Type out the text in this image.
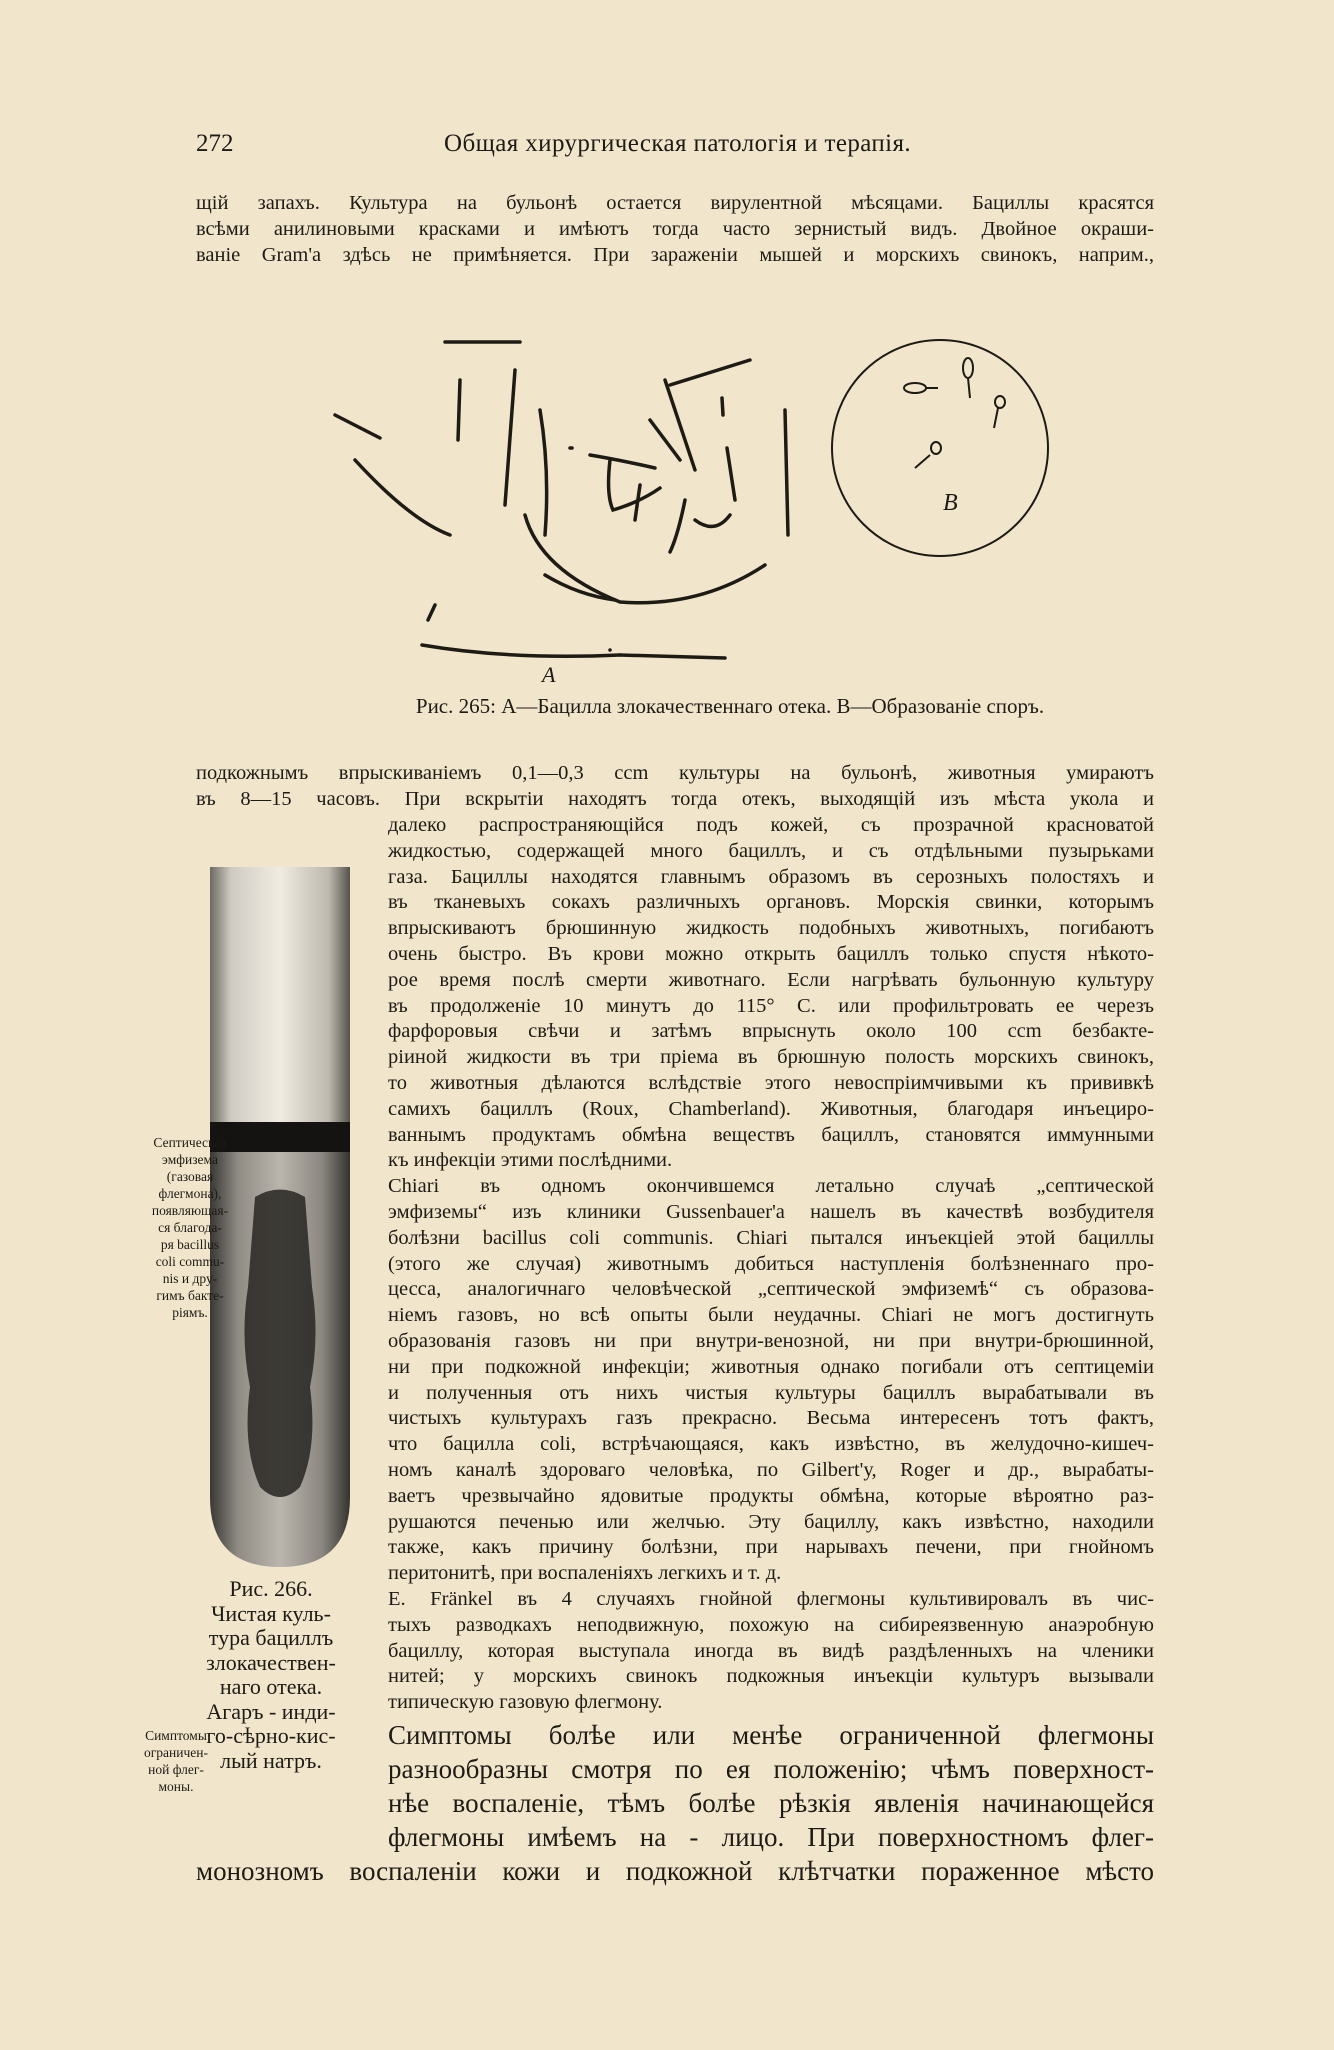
272	Общая хирургическая патологія и терапія.
щій запахъ. Культура на бульонѣ остается вирулентной мѣсяцами. Бациллы красятся
всѣми анилиновыми красками и имѣютъ тогда часто зернистый видъ. Двойное окраши-
ваніе Gram'а здѣсь не примѣняется. При зараженіи мышей и морскихъ свинокъ, наприм.,
B
A
Рис. 265: А—Бацилла злокачественнаго отека. В—Образованіе споръ.
подкожнымъ впрыскиваніемъ 0,1—0,3 ccm культуры на бульонѣ, животныя умираютъ
въ 8—15 часовъ. При вскрытіи находятъ тогда отекъ, выходящій изъ мѣста укола и
Септическая
эмфизема
(газовая
флегмона),
появляющая-
ся благода-
ря bacillus
coli commu-
nis и дру-
гимъ бакте-
ріямъ.
Рис. 266.
Чистая куль-
тура бациллъ
злокачествен-
наго отека.
Агаръ - инди-
го-сѣрно-кис-
лый натръ.
Симптомы
ограничен-
ной флег-
моны.
далеко распространяющійся подъ кожей, съ прозрачной красноватой
жидкостью, содержащей много бациллъ, и съ отдѣльными пузырьками
газа. Бациллы находятся главнымъ образомъ въ серозныхъ полостяхъ и
въ тканевыхъ сокахъ различныхъ органовъ. Морскія свинки, которымъ
впрыскиваютъ брюшинную жидкость подобныхъ животныхъ, погибаютъ
очень быстро. Въ крови можно открыть бациллъ только спустя нѣкото-
рое время послѣ смерти животнаго. Если нагрѣвать бульонную культуру
въ продолженіе 10 минутъ до 115° С. или профильтровать ее черезъ
фарфоровыя свѣчи и затѣмъ впрыснуть около 100 ccm безбакте-
ріиной жидкости въ три пріема въ брюшную полость морскихъ свинокъ,
то животныя дѣлаются вслѣдствіе этого невоспріимчивыми къ прививкѣ
самихъ бациллъ (Roux, Chamberland). Животныя, благодаря инъециро-
ваннымъ продуктамъ обмѣна веществъ бациллъ, становятся иммунными
къ инфекціи этими послѣдними.
Chiari въ одномъ окончившемся летально случаѣ „септической
эмфиземы“ изъ клиники Gussenbauer'а нашелъ въ качествѣ возбудителя
болѣзни bacillus coli communis. Chiari пытался инъекціей этой бациллы
(этого же случая) животнымъ добиться наступленія болѣзненнаго про-
цесса, аналогичнаго человѣческой „септической эмфиземѣ“ съ образова-
ніемъ газовъ, но всѣ опыты были неудачны. Chiari не могъ достигнуть
образованія газовъ ни при внутри-венозной, ни при внутри-брюшинной,
ни при подкожной инфекціи; животныя однако погибали отъ септицеміи
и полученныя отъ нихъ чистыя культуры бациллъ вырабатывали въ
чистыхъ культурахъ газъ прекрасно. Весьма интересенъ тотъ фактъ,
что бацилла coli, встрѣчающаяся, какъ извѣстно, въ желудочно-кишеч-
номъ каналѣ здороваго человѣка, по Gilbert'у, Roger и др., вырабаты-
ваетъ чрезвычайно ядовитые продукты обмѣна, которые вѣроятно раз-
рушаются печенью или желчью. Эту бациллу, какъ извѣстно, находили
также, какъ причину болѣзни, при нарывахъ печени, при гнойномъ
перитонитѣ, при воспаленіяхъ легкихъ и т. д.
E. Fränkel въ 4 случаяхъ гнойной флегмоны культивировалъ въ чис-
тыхъ разводкахъ неподвижную, похожую на сибиреязвенную анаэробную
бациллу, которая выступала иногда въ видѣ раздѣленныхъ на членики
нитей; у морскихъ свинокъ подкожныя инъекціи культуръ вызывали
типическую газовую флегмону.
Симптомы болѣе или менѣе ограниченной флегмоны
разнообразны смотря по ея положенію; чѣмъ поверхност-
нѣе воспаленіе, тѣмъ болѣе рѣзкія явленія начинающейся
флегмоны имѣемъ на - лицо. При поверхностномъ флег-
монозномъ воспаленіи кожи и подкожной клѣтчатки пораженное мѣсто
